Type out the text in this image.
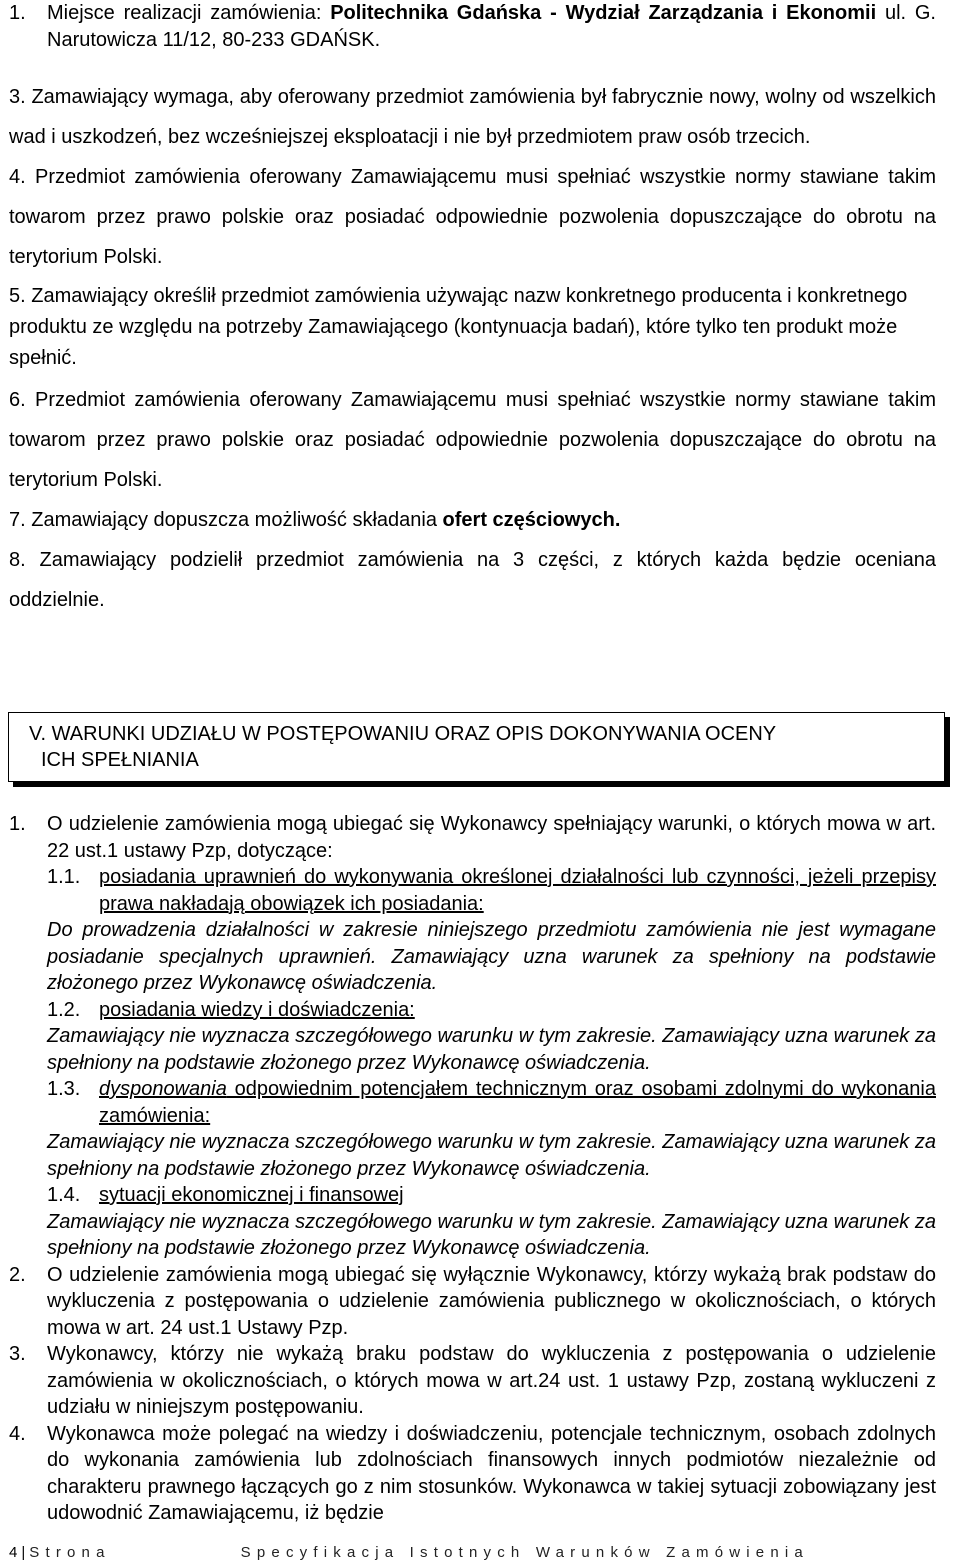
1.	Miejsce realizacji zamówienia: Politechnika Gdańska - Wydział Zarządzania i Ekonomii ul. G. Narutowicza 11/12, 80-233 GDAŃSK.
3. Zamawiający wymaga, aby oferowany przedmiot zamówienia był fabrycznie nowy, wolny od wszelkich wad i uszkodzeń, bez wcześniejszej eksploatacji i nie był przedmiotem praw osób trzecich.
4. Przedmiot zamówienia oferowany Zamawiającemu musi spełniać wszystkie normy stawiane takim towarom przez prawo polskie oraz posiadać odpowiednie pozwolenia dopuszczające do obrotu na terytorium Polski.
5. Zamawiający określił przedmiot zamówienia używając nazw konkretnego producenta i konkretnego produktu ze względu na potrzeby Zamawiającego (kontynuacja badań), które tylko ten produkt może spełnić.
6. Przedmiot zamówienia oferowany Zamawiającemu musi spełniać wszystkie normy stawiane takim towarom przez prawo polskie oraz posiadać odpowiednie pozwolenia dopuszczające do obrotu na terytorium Polski.
7. Zamawiający dopuszcza możliwość składania ofert częściowych.
8. Zamawiający podzielił przedmiot zamówienia na 3 części, z których każda będzie oceniana oddzielnie.
V. WARUNKI UDZIAŁU W POSTĘPOWANIU ORAZ OPIS DOKONYWANIA OCENY
ICH SPEŁNIANIA
1.	O udzielenie zamówienia mogą ubiegać się Wykonawcy spełniający warunki, o których mowa w art. 22 ust.1 ustawy Pzp, dotyczące:
1.1. posiadania uprawnień do wykonywania określonej działalności lub czynności, jeżeli przepisy prawa nakładają obowiązek ich posiadania:
Do prowadzenia działalności w zakresie niniejszego przedmiotu zamówienia nie jest wymagane posiadanie specjalnych uprawnień. Zamawiający uzna warunek za spełniony na podstawie złożonego przez Wykonawcę oświadczenia.
1.2. posiadania wiedzy i doświadczenia:
Zamawiający nie wyznacza szczegółowego warunku w tym zakresie. Zamawiający uzna warunek za spełniony na podstawie złożonego przez Wykonawcę oświadczenia.
1.3. dysponowania odpowiednim potencjałem technicznym oraz osobami zdolnymi do wykonania zamówienia:
Zamawiający nie wyznacza szczegółowego warunku w tym zakresie. Zamawiający uzna warunek za spełniony na podstawie złożonego przez Wykonawcę oświadczenia.
1.4. sytuacji ekonomicznej i finansowej
Zamawiający nie wyznacza szczegółowego warunku w tym zakresie. Zamawiający uzna warunek za spełniony na podstawie złożonego przez Wykonawcę oświadczenia.
2.	O udzielenie zamówienia mogą ubiegać się wyłącznie Wykonawcy, którzy wykażą brak podstaw do wykluczenia z postępowania o udzielenie zamówienia publicznego w okolicznościach, o których mowa w art. 24 ust.1 Ustawy Pzp.
3.	Wykonawcy, którzy nie wykażą braku podstaw do wykluczenia z postępowania o udzielenie zamówienia w okolicznościach, o których mowa w art.24 ust. 1 ustawy Pzp, zostaną wykluczeni z udziału w niniejszym postępowaniu.
4.	Wykonawca może polegać na wiedzy i doświadczeniu, potencjale technicznym, osobach zdolnych do wykonania zamówienia lub zdolnościach finansowych innych podmiotów niezależnie od charakteru prawnego łączących go z nim stosunków. Wykonawca w takiej sytuacji zobowiązany jest udowodnić Zamawiającemu, iż będzie
4 | Strona	Specyfikacja Istotnych Warunków Zamówienia
